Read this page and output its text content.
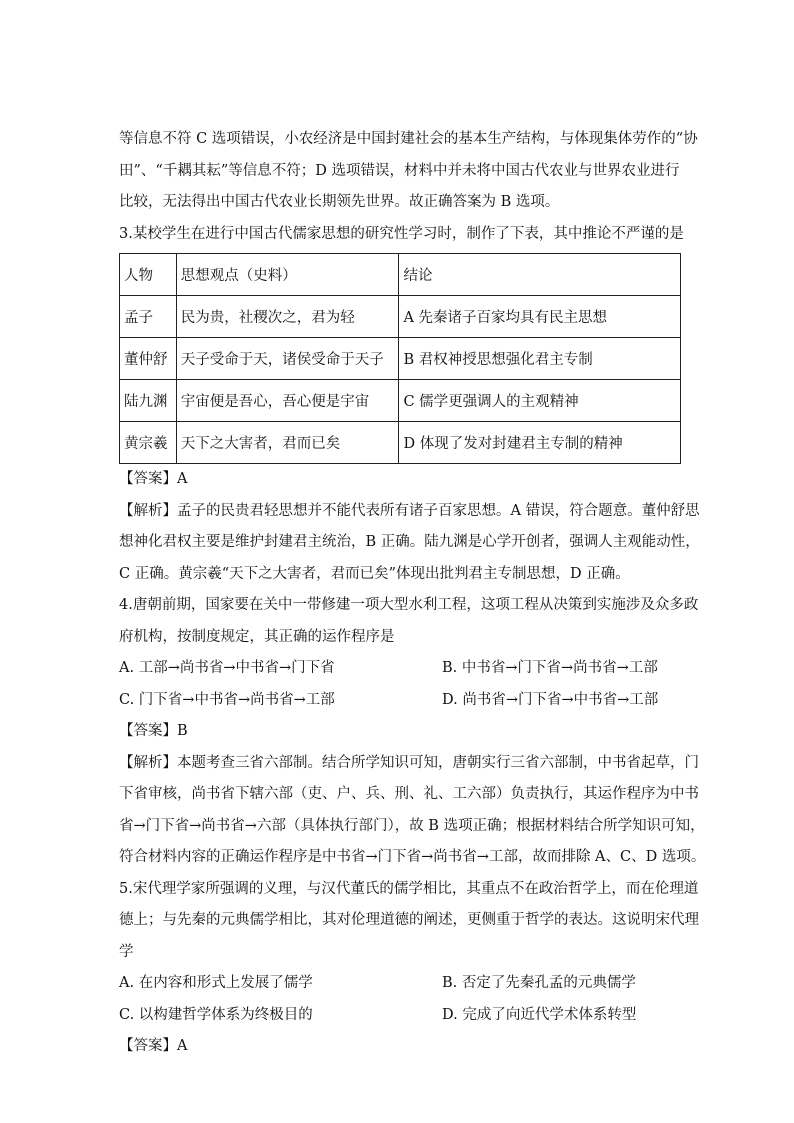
等信息不符 C 选项错误，小农经济是中国封建社会的基本生产结构，与体现集体劳作的“协
田”、“千耦其耘”等信息不符；D 选项错误，材料中并未将中国古代农业与世界农业进行
比较，无法得出中国古代农业长期领先世界。故正确答案为 B 选项。
3.某校学生在进行中国古代儒家思想的研究性学习时，制作了下表，其中推论不严谨的是
人物	思想观点（史料）	结论
孟子	民为贵，社稷次之，君为轻	A 先秦诸子百家均具有民主思想
董仲舒	天子受命于天，诸侯受命于天子	B 君权神授思想强化君主专制
陆九渊	宇宙便是吾心，吾心便是宇宙	C 儒学更强调人的主观精神
黄宗羲	天下之大害者，君而已矣	D 体现了发对封建君主专制的精神
【答案】A
【解析】孟子的民贵君轻思想并不能代表所有诸子百家思想。A 错误，符合题意。董仲舒思
想神化君权主要是维护封建君主统治，B 正确。陆九渊是心学开创者，强调人主观能动性，
C 正确。黄宗羲“天下之大害者，君而已矣”体现出批判君主专制思想，D 正确。
4.唐朝前期，国家要在关中一带修建一项大型水利工程，这项工程从决策到实施涉及众多政
府机构，按制度规定，其正确的运作程序是
A. 工部→尚书省→中书省→门下省	B. 中书省→门下省→尚书省→工部
C. 门下省→中书省→尚书省→工部	D. 尚书省→门下省→中书省→工部
【答案】B
【解析】本题考查三省六部制。结合所学知识可知，唐朝实行三省六部制，中书省起草，门
下省审核，尚书省下辖六部（吏、户、兵、刑、礼、工六部）负责执行，其运作程序为中书
省→门下省→尚书省→六部（具体执行部门），故 B 选项正确；根据材料结合所学知识可知，
符合材料内容的正确运作程序是中书省→门下省→尚书省→工部，故而排除 A、C、D 选项。
5.宋代理学家所强调的义理，与汉代董氏的儒学相比，其重点不在政治哲学上，而在伦理道
德上；与先秦的元典儒学相比，其对伦理道德的阐述，更侧重于哲学的表达。这说明宋代理
学
A. 在内容和形式上发展了儒学	B. 否定了先秦孔孟的元典儒学
C. 以构建哲学体系为终极目的	D. 完成了向近代学术体系转型
【答案】A
